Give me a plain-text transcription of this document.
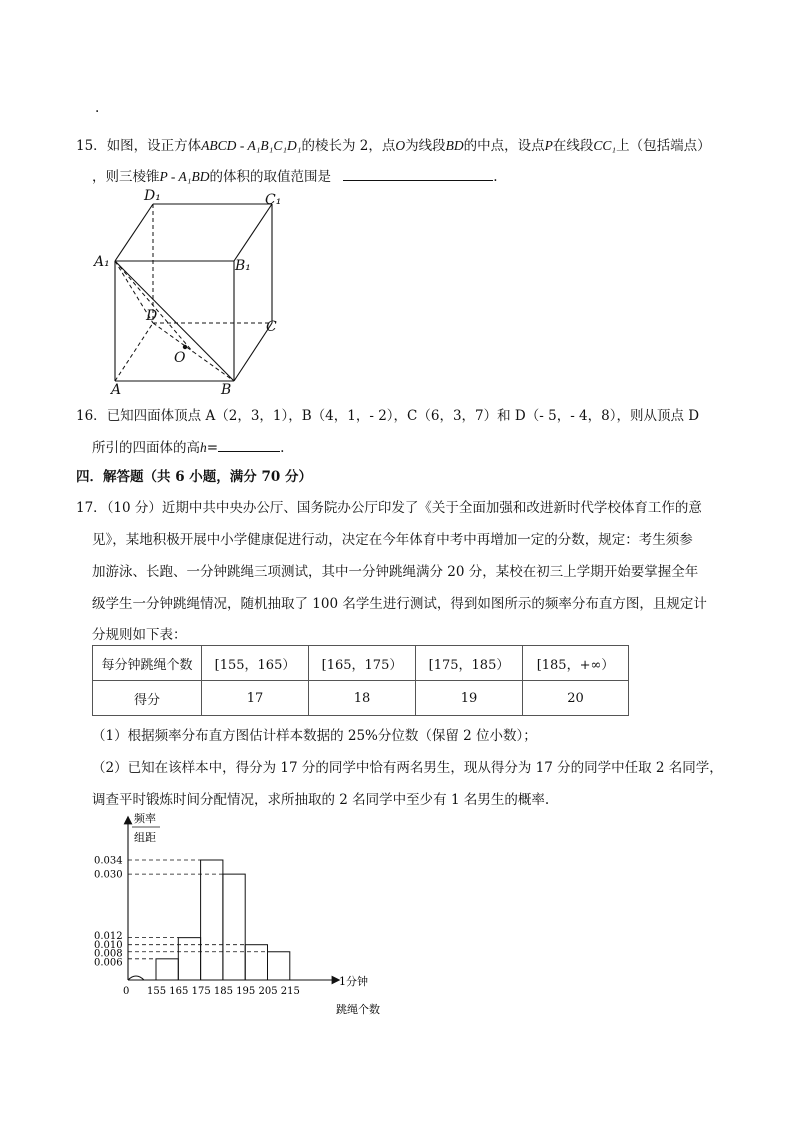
.
15．如图，设正方体ABCD - A₁B₁C₁D₁的棱长为 2，点O为线段BD的中点，设点P在线段CC₁上（包括端点）
，则三棱锥P - A₁BD的体积的取值范围是	.
D₁	C₁
A₁	B₁
D
C
O
A	B
16．已知四面体顶点 A（2，3，1），B（4，1，- 2），C（6，3，7）和 D（- 5，- 4，8），则从顶点 D
所引的四面体的高h=	.
四．解答题（共 6 小题，满分 70 分）
17．（10 分）近期中共中央办公厅、国务院办公厅印发了《关于全面加强和改进新时代学校体育工作的意
见》，某地积极开展中小学健康促进行动，决定在今年体育中考中再增加一定的分数，规定：考生须参
加游泳、长跑、一分钟跳绳三项测试，其中一分钟跳绳满分 20 分，某校在初三上学期开始要掌握全年
级学生一分钟跳绳情况，随机抽取了 100 名学生进行测试，得到如图所示的频率分布直方图，且规定计
分规则如下表：
每分钟跳绳个数	[155，165）	[165，175）	[175，185）	[185，+∞）
得分	17	18	19	20
（1）根据频率分布直方图估计样本数据的 25%分位数（保留 2 位小数）；
（2）已知在该样本中，得分为 17 分的同学中恰有两名男生，现从得分为 17 分的同学中任取 2 名同学，
调查平时锻炼时间分配情况，求所抽取的 2 名同学中至少有 1 名男生的概率.
频率
组距
1分钟
跳绳个数
0
0.034
0.030
0.012
0.010
0.008
0.006
155 165 175 185 195 205 215
